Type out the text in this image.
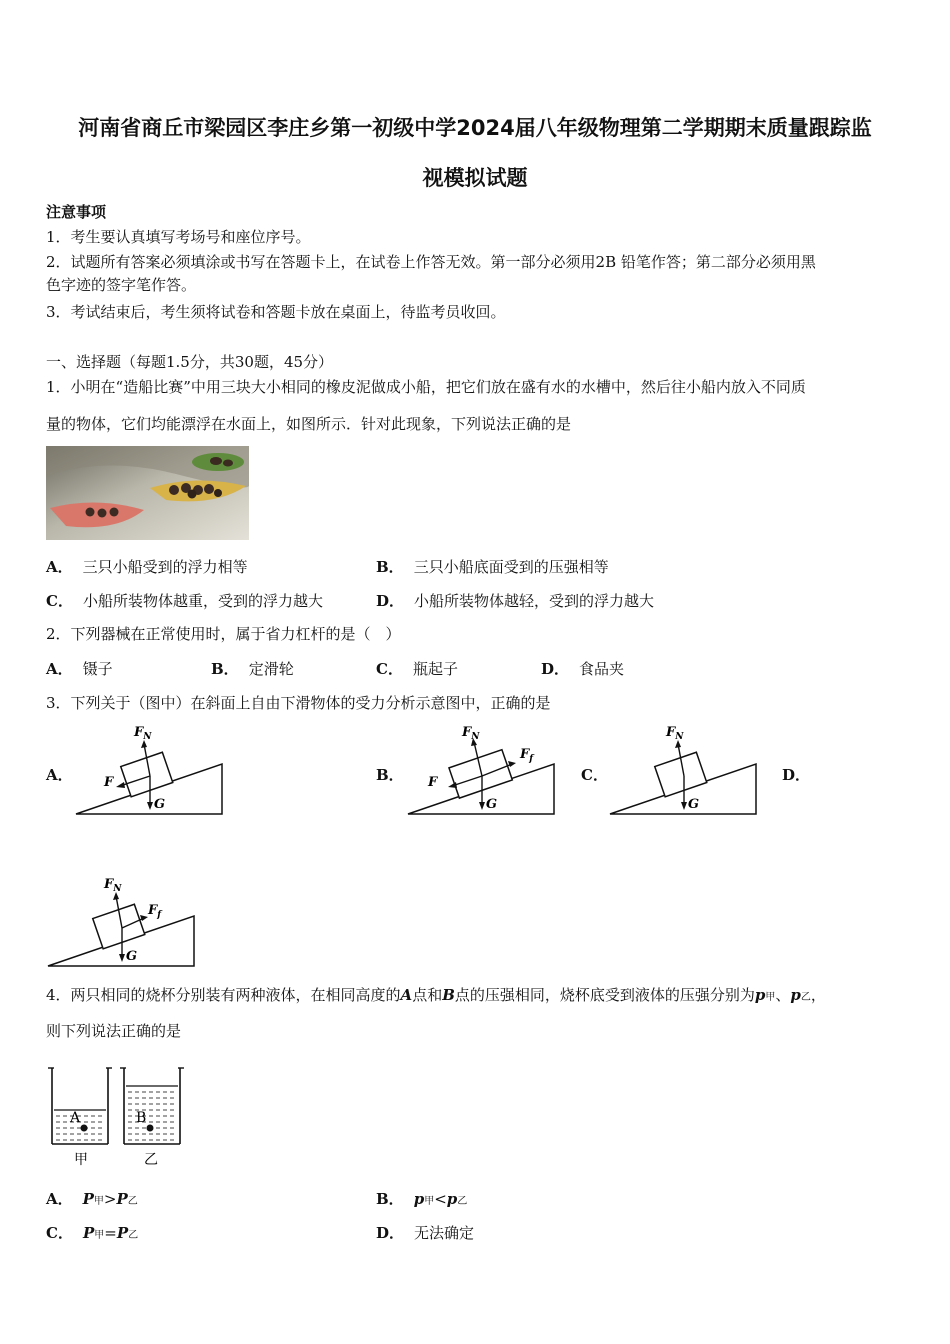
河南省商丘市梁园区李庄乡第一初级中学2024届八年级物理第二学期期末质量跟踪监
视模拟试题
注意事项
1．考生要认真填写考场号和座位序号。
2．试题所有答案必须填涂或书写在答题卡上，在试卷上作答无效。第一部分必须用2B 铅笔作答；第二部分必须用黑
色字迹的签字笔作答。
3．考试结束后，考生须将试卷和答题卡放在桌面上，待监考员收回。
一、选择题（每题1.5分，共30题，45分）
1．小明在“造船比赛”中用三块大小相同的橡皮泥做成小船，把它们放在盛有水的水槽中，然后往小船内放入不同质
量的物体，它们均能漂浮在水面上，如图所示．针对此现象，下列说法正确的是
A． 三只小船受到的浮力相等	B． 三只小船底面受到的压强相等
C． 小船所装物体越重，受到的浮力越大	D． 小船所装物体越轻，受到的浮力越大
2．下列器械在正常使用时，属于省力杠杆的是（　）
A． 镊子	B． 定滑轮	C． 瓶起子	D． 食品夹
3．下列关于（图中）在斜面上自由下滑物体的受力分析示意图中，正确的是
A．	B．	C．	D．
$F_N$
F
G
$F_N$
$F_f$
F
G
$F_N$
G
$F_N$
$F_f$
G
4．两只相同的烧杯分别装有两种液体，在相同高度的A点和B点的压强相同，烧杯底受到液体的压强分别为p甲、p乙，
则下列说法正确的是
A	B
甲	乙
A． P甲>P乙	B． p甲<p乙
C． P甲=P乙	D． 无法确定
